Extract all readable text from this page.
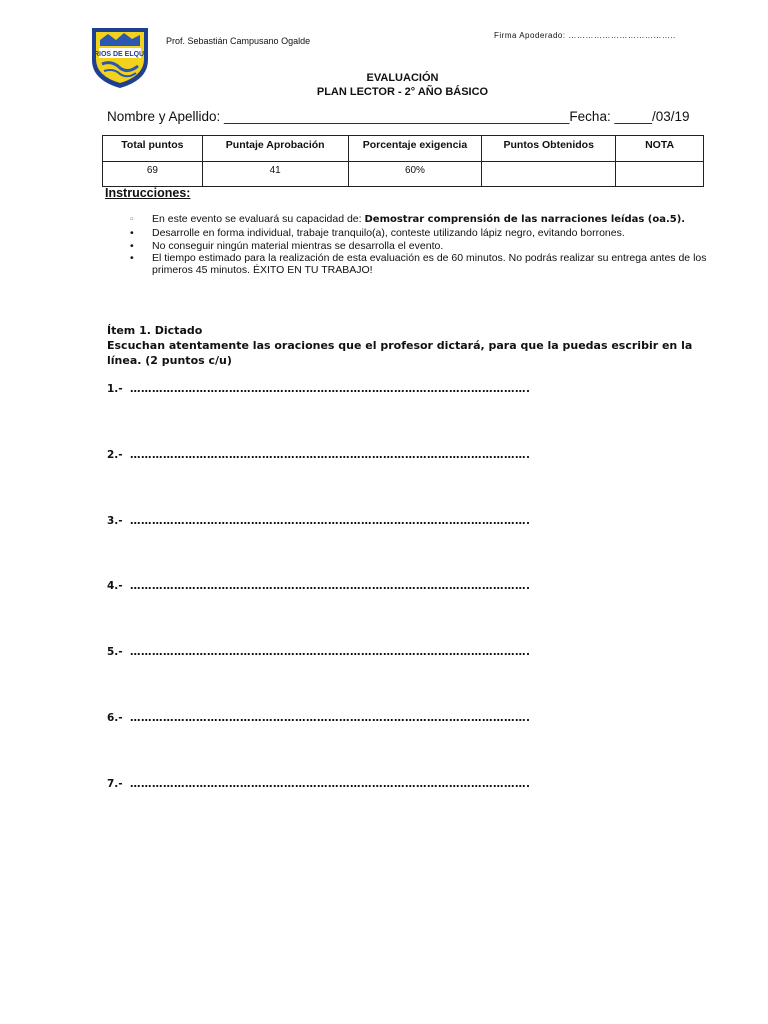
RIOS DE ELQUI
Prof. Sebastián Campusano Ogalde
Firma Apoderado: ………………………………..
EVALUACIÓN
PLAN LECTOR - 2° AÑO BÁSICO
Nombre y Apellido: ______________________________________________Fecha: _____/03/19
Total puntos	Puntaje Aprobación	Porcentaje exigencia	Puntos Obtenidos	NOTA
69	41	60%		
Instrucciones:
▫ En este evento se evaluará su capacidad de: Demostrar comprensión de las narraciones leídas (oa.5).
• Desarrolle en forma individual, trabaje tranquilo(a), conteste utilizando lápiz negro, evitando borrones.
• No conseguir ningún material mientras se desarrolla el evento.
• El tiempo estimado para la realización de esta evaluación es de 60 minutos. No podrás realizar su entrega antes de los primeros 45 minutos. ÉXITO EN TU TRABAJO!
Ítem 1. Dictado
Escuchan atentamente las oraciones que el profesor dictará, para que la puedas escribir en la línea. (2 puntos c/u)
1.- ……………………………………………………………………………………………….
2.- ……………………………………………………………………………………………….
3.- ……………………………………………………………………………………………….
4.- ……………………………………………………………………………………………….
5.- ……………………………………………………………………………………………….
6.- ……………………………………………………………………………………………….
7.- ……………………………………………………………………………………………….
